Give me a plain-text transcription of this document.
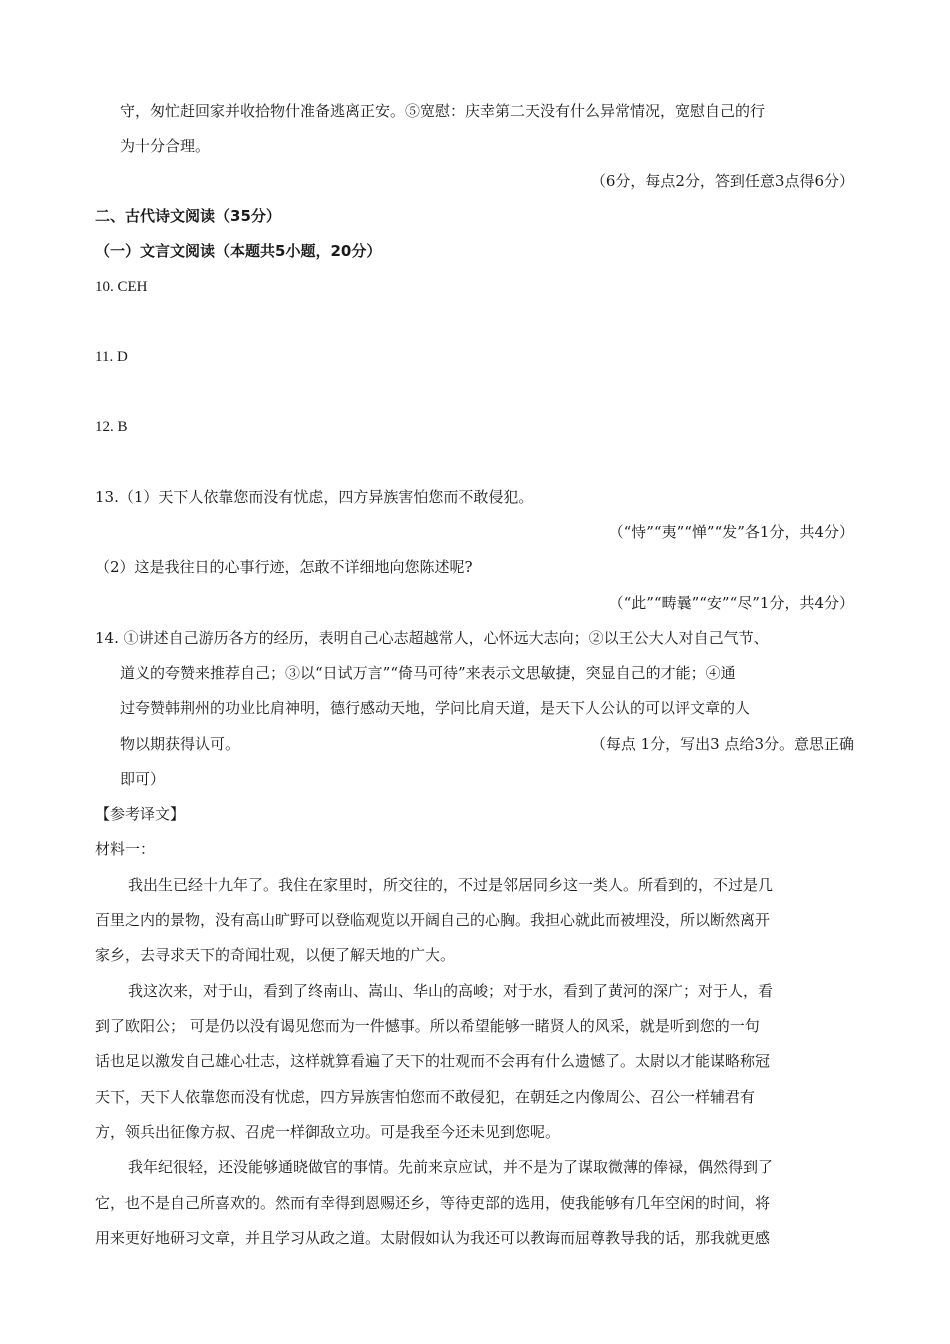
守，匆忙赶回家并收拾物什准备逃离正安。⑤宽慰：庆幸第二天没有什么异常情况，宽慰自己的行
为十分合理。
（6分，每点2分，答到任意3点得6分）
二、古代诗文阅读（35分）
（一）文言文阅读（本题共5小题，20分）
10. CEH
11. D
12. B
13.（1）天下人依靠您而没有忧虑，四方异族害怕您而不敢侵犯。
（“恃”“夷”“惮”“发”各1分，共4分）
（2）这是我往日的心事行迹，怎敢不详细地向您陈述呢?
（“此”“畴曩”“安”“尽”1分，共4分）
14. ①讲述自己游历各方的经历，表明自己心志超越常人，心怀远大志向；②以王公大人对自己气节、
道义的夸赞来推荐自己；③以“日试万言”“倚马可待”来表示文思敏捷，突显自己的才能；④通
过夸赞韩荆州的功业比肩神明，德行感动天地，学问比肩天道，是天下人公认的可以评文章的人
物以期获得认可。	（每点 1分，写出3 点给3分。意思正确
即可）
【参考译文】
材料一：
我出生已经十九年了。我住在家里时，所交往的，不过是邻居同乡这一类人。所看到的，不过是几
百里之内的景物，没有高山旷野可以登临观览以开阔自己的心胸。我担心就此而被埋没，所以断然离开
家乡，去寻求天下的奇闻壮观，以便了解天地的广大。
我这次来，对于山，看到了终南山、嵩山、华山的高峻；对于水，看到了黄河的深广；对于人，看
到了欧阳公； 可是仍以没有谒见您而为一件憾事。所以希望能够一睹贤人的风采，就是听到您的一句
话也足以激发自己雄心壮志，这样就算看遍了天下的壮观而不会再有什么遗憾了。太尉以才能谋略称冠
天下，天下人依靠您而没有忧虑，四方异族害怕您而不敢侵犯，在朝廷之内像周公、召公一样辅君有
方，领兵出征像方叔、召虎一样御敌立功。可是我至今还未见到您呢。
我年纪很轻，还没能够通晓做官的事情。先前来京应试，并不是为了谋取微薄的俸禄，偶然得到了
它，也不是自己所喜欢的。然而有幸得到恩赐还乡，等待吏部的选用，使我能够有几年空闲的时间，将
用来更好地研习文章，并且学习从政之道。太尉假如认为我还可以教诲而屈尊教导我的话，那我就更感
